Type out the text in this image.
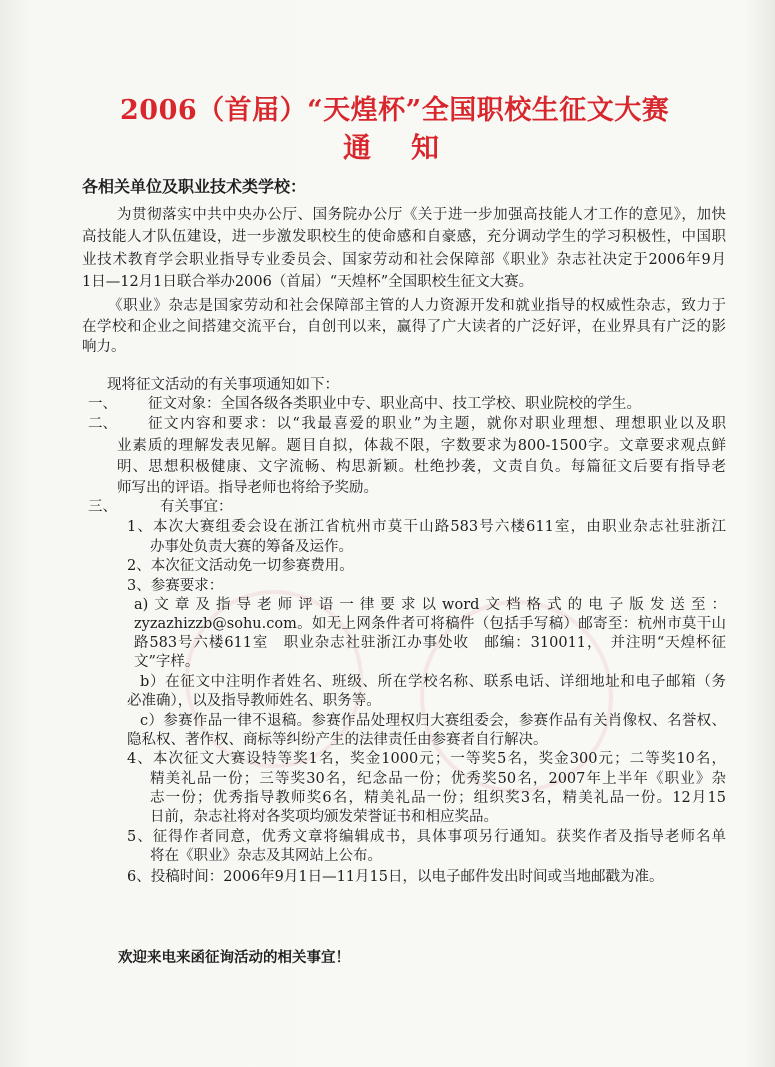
2006（首届）“天煌杯”全国职校生征文大赛
通 知
各相关单位及职业技术类学校：
为贯彻落实中共中央办公厅、国务院办公厅《关于进一步加强高技能人才工作的意见》，加快
高技能人才队伍建设，进一步激发职校生的使命感和自豪感，充分调动学生的学习积极性，中国职
业技术教育学会职业指导专业委员会、国家劳动和社会保障部《职业》杂志社决定于2006年9月
1日—12月1日联合举办2006（首届）“天煌杯”全国职校生征文大赛。
《职业》杂志是国家劳动和社会保障部主管的人力资源开发和就业指导的权威性杂志，致力于
在学校和企业之间搭建交流平台，自创刊以来，赢得了广大读者的广泛好评，在业界具有广泛的影
响力。
现将征文活动的有关事项通知如下：
一、 征文对象：全国各级各类职业中专、职业高中、技工学校、职业院校的学生。
二、 征文内容和要求：以“我最喜爱的职业”为主题，就你对职业理想、理想职业以及职
业素质的理解发表见解。题目自拟，体裁不限，字数要求为800-1500字。文章要求观点鲜
明、思想积极健康、文字流畅、构思新颖。杜绝抄袭，文责自负。每篇征文后要有指导老
师写出的评语。指导老师也将给予奖励。
三、	有关事宜：
1、本次大赛组委会设在浙江省杭州市莫干山路583号六楼611室，由职业杂志社驻浙江
办事处负责大赛的筹备及运作。
2、本次征文活动免一切参赛费用。
3、参赛要求：
a)文章及指导老师评语一律要求以word文档格式的电子版发送至：
zyzazhizzb@sohu.com。如无上网条件者可将稿件（包括手写稿）邮寄至：杭州市莫干山
路583号六楼611室　职业杂志社驻浙江办事处收　邮编：310011，　并注明“天煌杯征
文”字样。
b）在征文中注明作者姓名、班级、所在学校名称、联系电话、详细地址和电子邮箱（务
必准确），以及指导教师姓名、职务等。
c）参赛作品一律不退稿。参赛作品处理权归大赛组委会，参赛作品有关肖像权、名誉权、
隐私权、著作权、商标等纠纷产生的法律责任由参赛者自行解决。
4、本次征文大赛设特等奖1名，奖金1000元；一等奖5名，奖金300元；二等奖10名，
精美礼品一份；三等奖30名，纪念品一份；优秀奖50名，2007年上半年《职业》杂
志一份；优秀指导教师奖6名，精美礼品一份；组织奖3名，精美礼品一份。12月15
日前，杂志社将对各奖项均颁发荣誉证书和相应奖品。
5、征得作者同意，优秀文章将编辑成书，具体事项另行通知。获奖作者及指导老师名单
将在《职业》杂志及其网站上公布。
6、投稿时间：2006年9月1日—11月15日，以电子邮件发出时间或当地邮戳为准。
欢迎来电来函征询活动的相关事宜！
